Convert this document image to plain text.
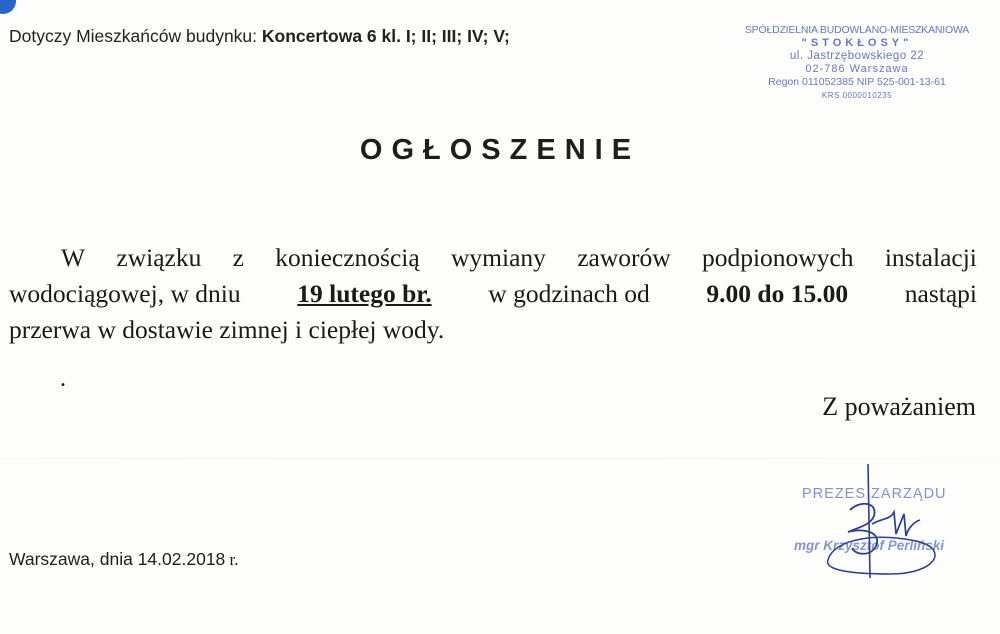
Dotyczy Mieszkańców budynku: Koncertowa 6 kl. I; II; III; IV; V;	SPÓŁDZIELNIA BUDOWLANO-MIESZKANIOWA
"STOKŁOSY"
ul. Jastrzębowskiego 22
02-786 Warszawa
Regon 011052385 NIP 525-001-13-61
KRS 0000010235
OGŁOSZENIE
W związku z koniecznością wymiany zaworów podpionowych instalacji
wodociągowej, w dniu 19 lutego br. w godzinach od 9.00 do 15.00 nastąpi
przerwa w dostawie zimnej i ciepłej wody.
.
Z poważaniem
PREZES ZARZĄDU
mgr Krzysztof Perliński
Warszawa, dnia 14.02.2018 r.
